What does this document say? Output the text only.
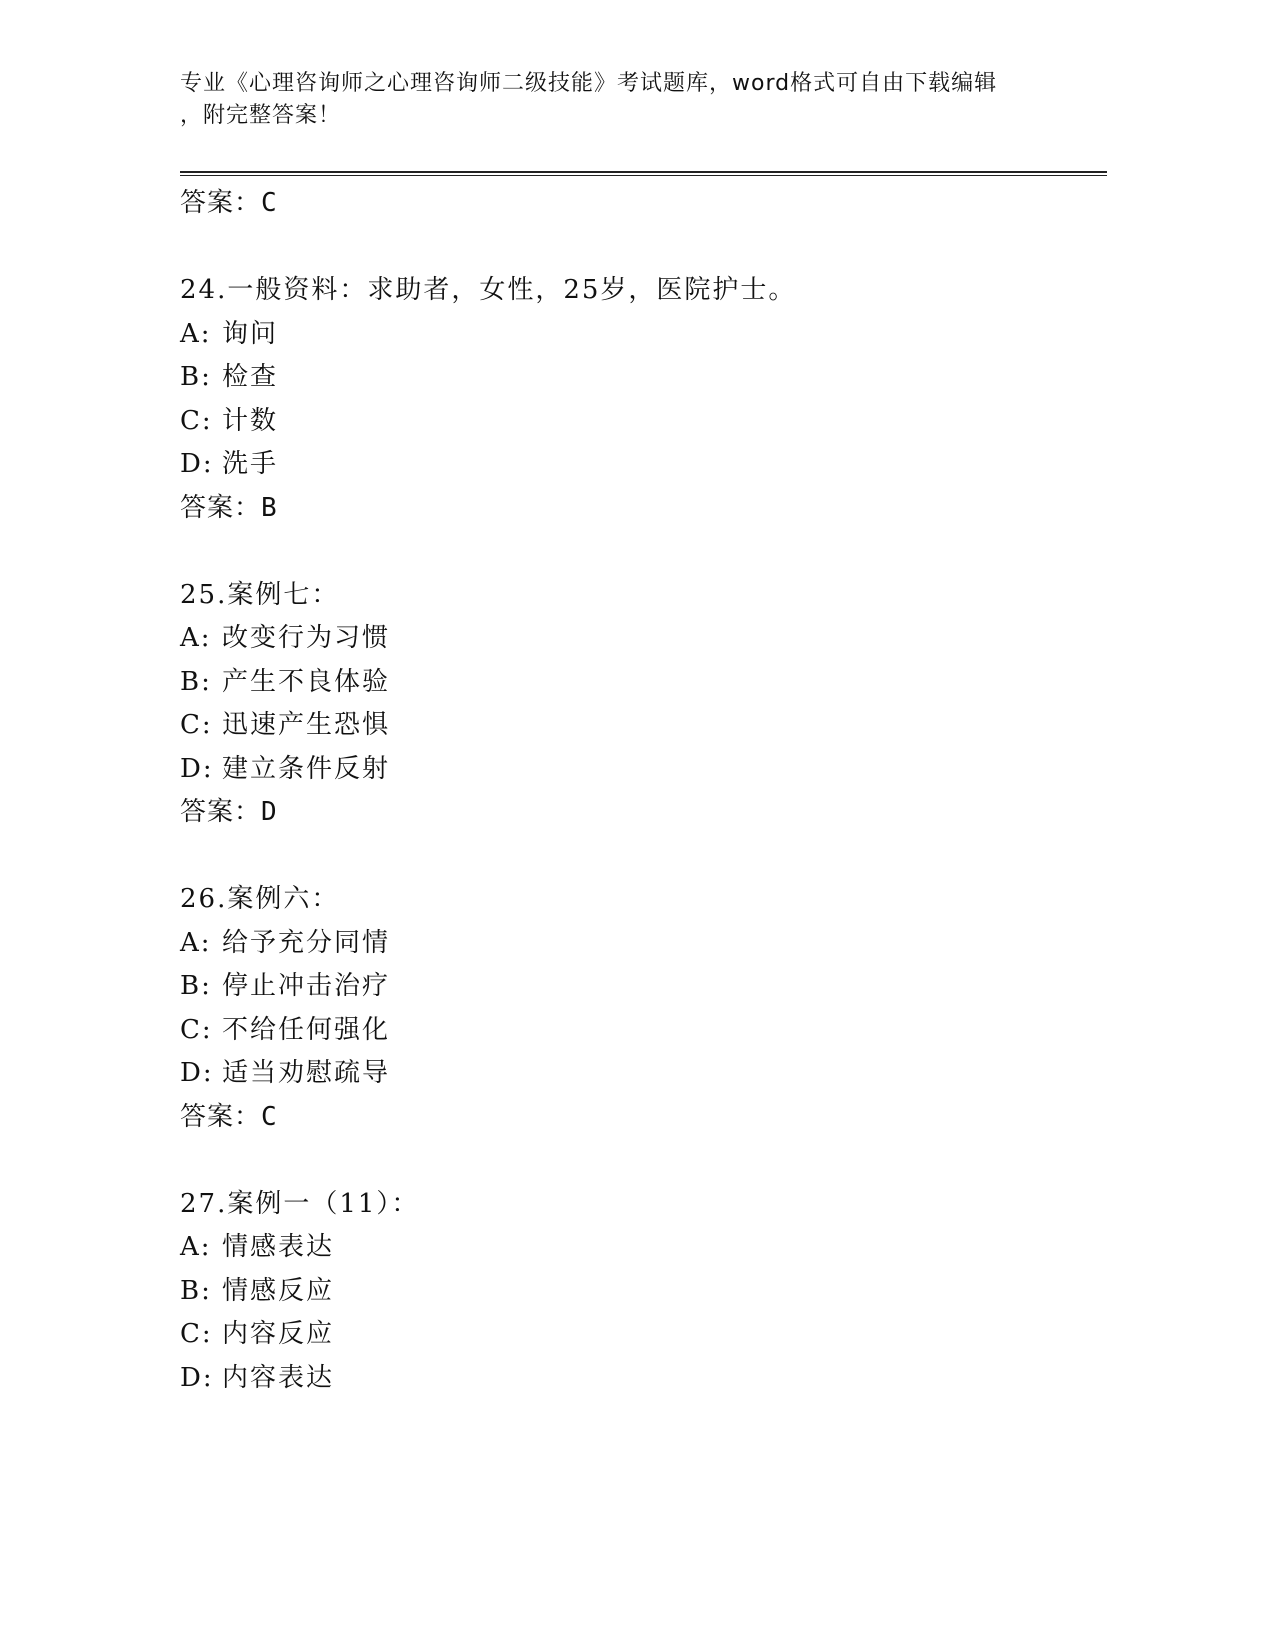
专业《心理咨询师之心理咨询师二级技能》考试题库，word格式可自由下载编辑
，附完整答案！
答案：C
24.一般资料：求助者，女性，25岁，医院护士。
A: 询问
B: 检查
C: 计数
D: 洗手
答案：B
25.案例七：
A: 改变行为习惯
B: 产生不良体验
C: 迅速产生恐惧
D: 建立条件反射
答案：D
26.案例六：
A: 给予充分同情
B: 停止冲击治疗
C: 不给任何强化
D: 适当劝慰疏导
答案：C
27.案例一（11）：
A: 情感表达
B: 情感反应
C: 内容反应
D: 内容表达
